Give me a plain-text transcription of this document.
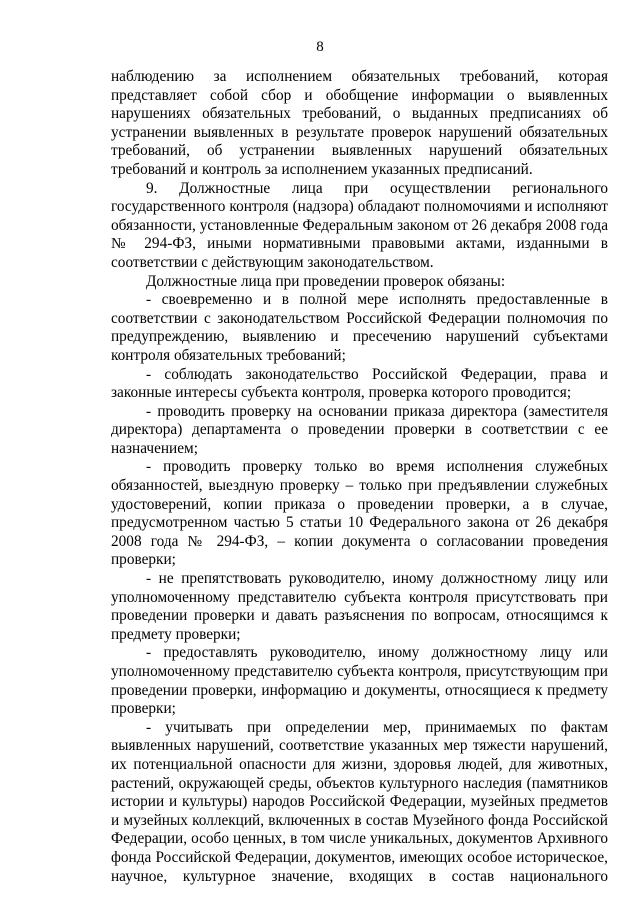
8

наблюдению за исполнением обязательных требований, которая представляет собой сбор и обобщение информации о выявленных нарушениях обязательных требований, о выданных предписаниях об устранении выявленных в результате проверок нарушений обязательных требований, об устранении выявленных нарушений обязательных требований и контроль за исполнением указанных предписаний.

9. Должностные лица при осуществлении регионального государственного контроля (надзора) обладают полномочиями и исполняют обязанности, установленные Федеральным законом от 26 декабря 2008 года № 294-ФЗ, иными нормативными правовыми актами, изданными в соответствии с действующим законодательством.

Должностные лица при проведении проверок обязаны:

- своевременно и в полной мере исполнять предоставленные в соответствии с законодательством Российской Федерации полномочия по предупреждению, выявлению и пресечению нарушений субъектами контроля обязательных требований;

- соблюдать законодательство Российской Федерации, права и законные интересы субъекта контроля, проверка которого проводится;

- проводить проверку на основании приказа директора (заместителя директора) департамента о проведении проверки в соответствии с ее назначением;

- проводить проверку только во время исполнения служебных обязанностей, выездную проверку – только при предъявлении служебных удостоверений, копии приказа о проведении проверки, а в случае, предусмотренном частью 5 статьи 10 Федерального закона от 26 декабря 2008 года № 294-ФЗ, – копии документа о согласовании проведения проверки;

- не препятствовать руководителю, иному должностному лицу или уполномоченному представителю субъекта контроля присутствовать при проведении проверки и давать разъяснения по вопросам, относящимся к предмету проверки;

- предоставлять руководителю, иному должностному лицу или уполномоченному представителю субъекта контроля, присутствующим при проведении проверки, информацию и документы, относящиеся к предмету проверки;

- учитывать при определении мер, принимаемых по фактам выявленных нарушений, соответствие указанных мер тяжести нарушений, их потенциальной опасности для жизни, здоровья людей, для животных, растений, окружающей среды, объектов культурного наследия (памятников истории и культуры) народов Российской Федерации, музейных предметов и музейных коллекций, включенных в состав Музейного фонда Российской Федерации, особо ценных, в том числе уникальных, документов Архивного фонда Российской Федерации, документов, имеющих особое историческое, научное, культурное значение, входящих в состав национального
